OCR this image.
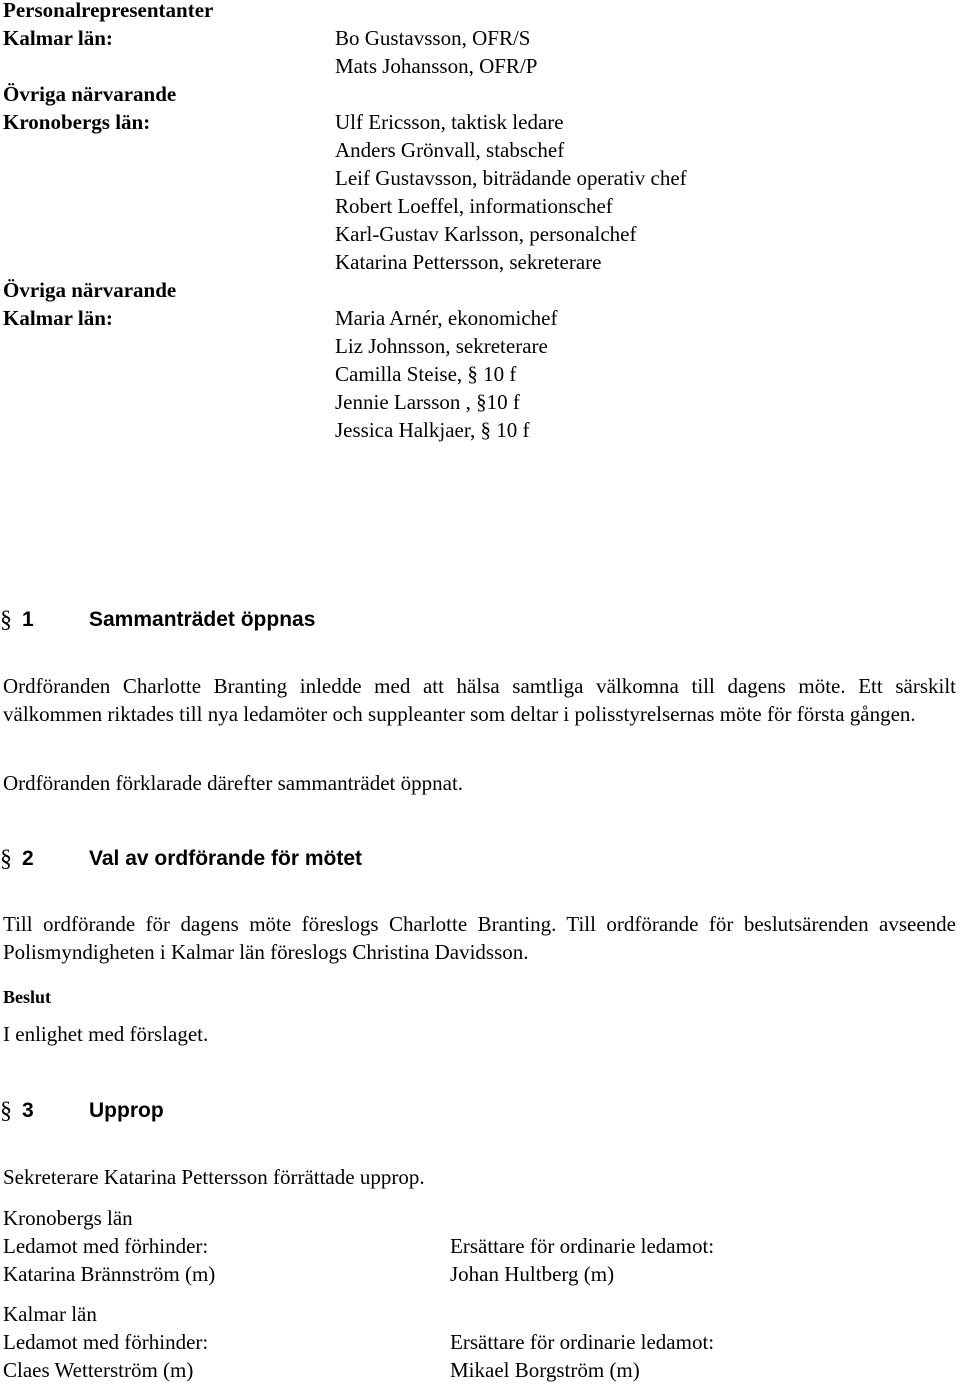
Personalrepresentanter
Kalmar län:	Bo Gustavsson, OFR/S
Mats Johansson, OFR/P
Övriga närvarande
Kronobergs län:	Ulf Ericsson, taktisk ledare
Anders Grönvall, stabschef
Leif Gustavsson, biträdande operativ chef
Robert Loeffel, informationschef
Karl-Gustav Karlsson, personalchef
Katarina Pettersson, sekreterare
Övriga närvarande
Kalmar län:	Maria Arnér, ekonomichef
Liz Johnsson, sekreterare
Camilla Steise, § 10 f
Jennie Larsson , §10 f
Jessica Halkjaer, § 10 f
§ 1	Sammanträdet öppnas
Ordföranden Charlotte Branting inledde med att hälsa samtliga välkomna till dagens möte. Ett särskilt välkommen riktades till nya ledamöter och suppleanter som deltar i polisstyrelsernas möte för första gången.
Ordföranden förklarade därefter sammanträdet öppnat.
§ 2	Val av ordförande för mötet
Till ordförande för dagens möte föreslogs Charlotte Branting. Till ordförande för beslutsärenden avseende Polismyndigheten i Kalmar län föreslogs Christina Davidsson.
Beslut
I enlighet med förslaget.
§ 3	Upprop
Sekreterare Katarina Pettersson förrättade upprop.
Kronobergs län
Ledamot med förhinder:	Ersättare för ordinarie ledamot:
Katarina Brännström (m)	Johan Hultberg (m)
Kalmar län
Ledamot med förhinder:	Ersättare för ordinarie ledamot:
Claes Wetterström (m)	Mikael Borgström (m)
